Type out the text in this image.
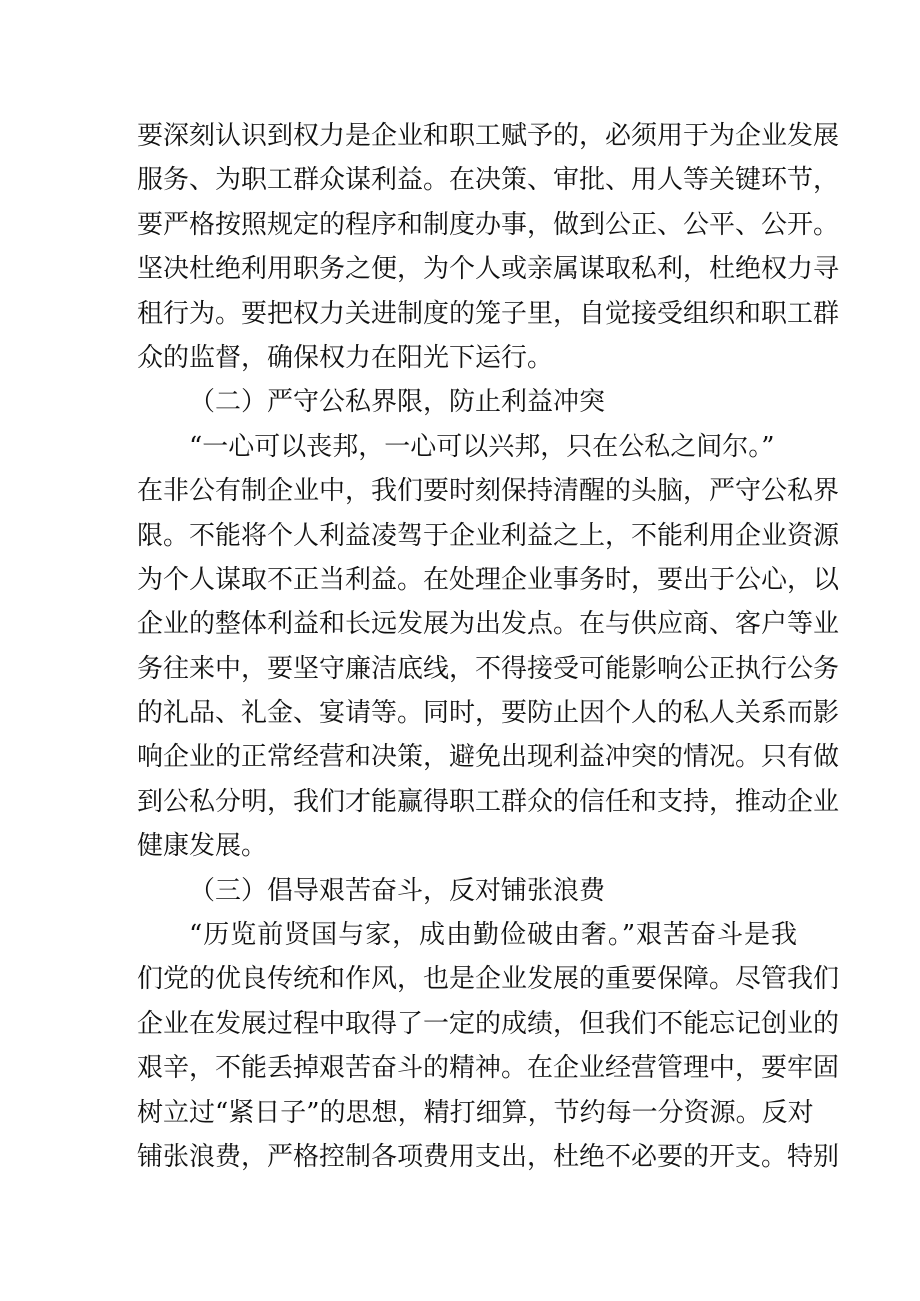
要深刻认识到权力是企业和职工赋予的，必须用于为企业发展
服务、为职工群众谋利益。在决策、审批、用人等关键环节，
要严格按照规定的程序和制度办事，做到公正、公平、公开。
坚决杜绝利用职务之便，为个人或亲属谋取私利，杜绝权力寻
租行为。要把权力关进制度的笼子里，自觉接受组织和职工群
众的监督，确保权力在阳光下运行。
（二）严守公私界限，防止利益冲突
“一心可以丧邦，一心可以兴邦，只在公私之间尔。”
在非公有制企业中，我们要时刻保持清醒的头脑，严守公私界
限。不能将个人利益凌驾于企业利益之上，不能利用企业资源
为个人谋取不正当利益。在处理企业事务时，要出于公心，以
企业的整体利益和长远发展为出发点。在与供应商、客户等业
务往来中，要坚守廉洁底线，不得接受可能影响公正执行公务
的礼品、礼金、宴请等。同时，要防止因个人的私人关系而影
响企业的正常经营和决策，避免出现利益冲突的情况。只有做
到公私分明，我们才能赢得职工群众的信任和支持，推动企业
健康发展。
（三）倡导艰苦奋斗，反对铺张浪费
“历览前贤国与家，成由勤俭破由奢。”艰苦奋斗是我
们党的优良传统和作风，也是企业发展的重要保障。尽管我们
企业在发展过程中取得了一定的成绩，但我们不能忘记创业的
艰辛，不能丢掉艰苦奋斗的精神。在企业经营管理中，要牢固
树立过“紧日子”的思想，精打细算，节约每一分资源。反对
铺张浪费，严格控制各项费用支出，杜绝不必要的开支。特别
